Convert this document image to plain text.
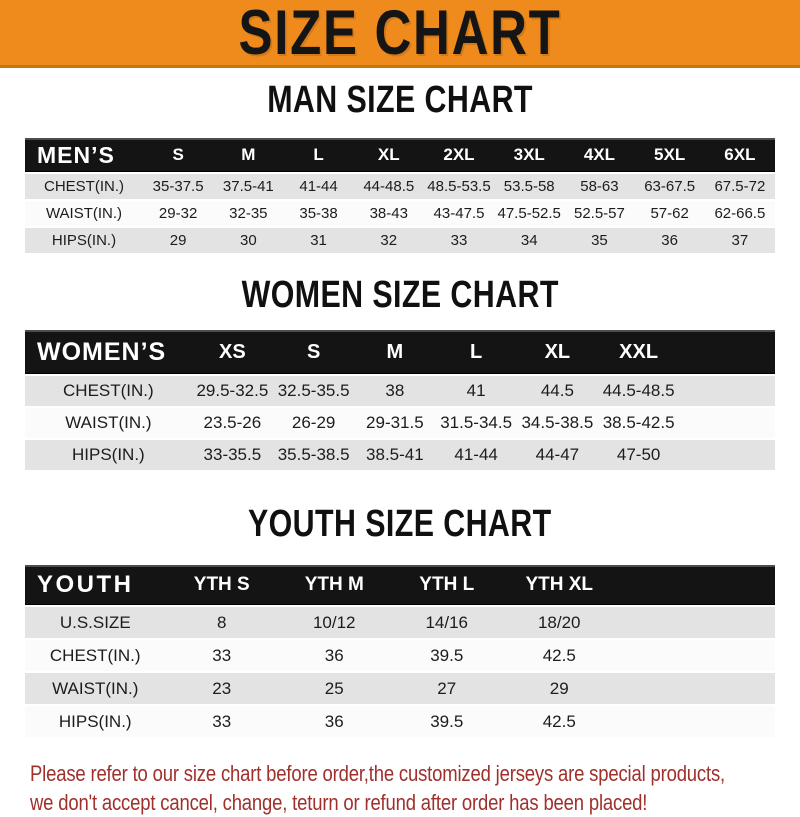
SIZE CHART
MAN SIZE CHART
MEN’S	S	M	L	XL	2XL	3XL	4XL	5XL	6XL
CHEST(IN.)	35-37.5	37.5-41	41-44	44-48.5	48.5-53.5	53.5-58	58-63	63-67.5	67.5-72
WAIST(IN.)	29-32	32-35	35-38	38-43	43-47.5	47.5-52.5	52.5-57	57-62	62-66.5
HIPS(IN.)	29	30	31	32	33	34	35	36	37
WOMEN SIZE CHART
WOMEN’S	XS	S	M	L	XL	XXL	
CHEST(IN.)	29.5-32.5	32.5-35.5	38	41	44.5	44.5-48.5	
WAIST(IN.)	23.5-26	26-29	29-31.5	31.5-34.5	34.5-38.5	38.5-42.5	
HIPS(IN.)	33-35.5	35.5-38.5	38.5-41	41-44	44-47	47-50	
YOUTH SIZE CHART
YOUTH	YTH S	YTH M	YTH L	YTH XL	
U.S.SIZE	8	10/12	14/16	18/20	
CHEST(IN.)	33	36	39.5	42.5	
WAIST(IN.)	23	25	27	29	
HIPS(IN.)	33	36	39.5	42.5	

Please refer to our size chart before order,the customized jerseys are special products,

we don't accept cancel, change, teturn or refund after order has been placed!
